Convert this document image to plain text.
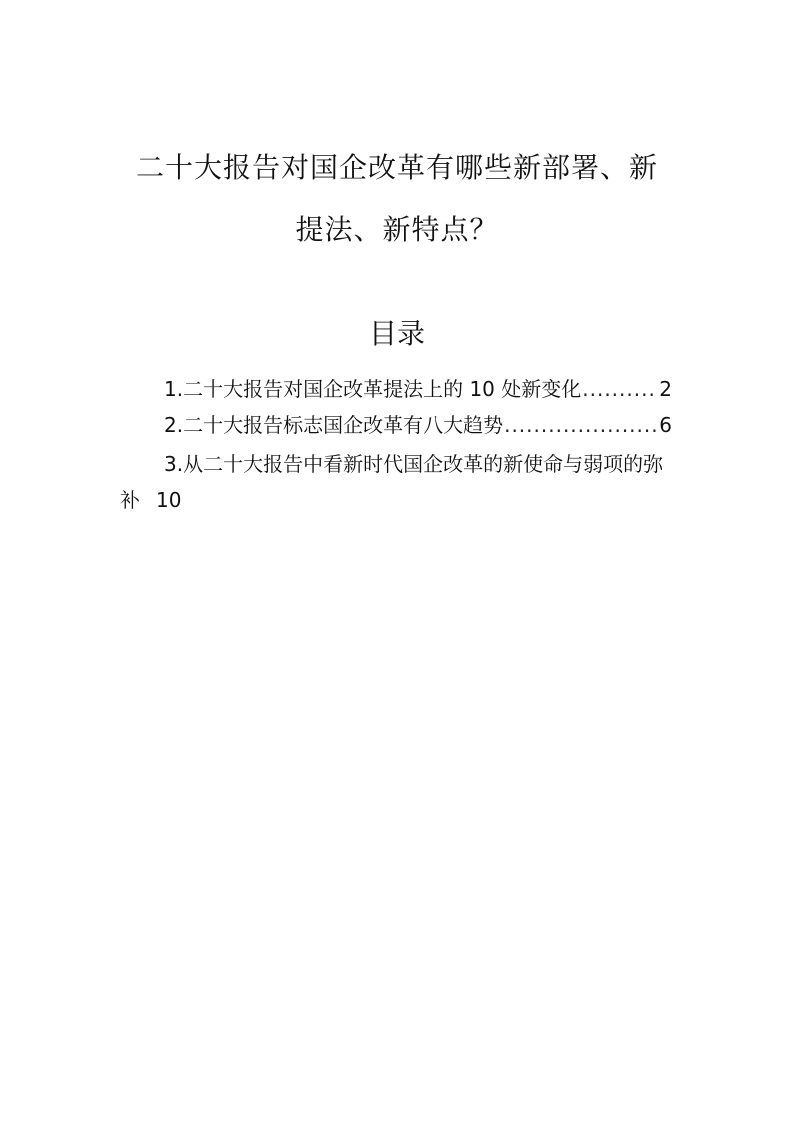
二十大报告对国企改革有哪些新部署、新
提法、新特点？
目录
1.二十大报告对国企改革提法上的 10 处新变化 .....	2
2.二十大报告标志国企改革有八大趋势 .....	6
3.从二十大报告中看新时代国企改革的新使命与弱项的弥补 10
